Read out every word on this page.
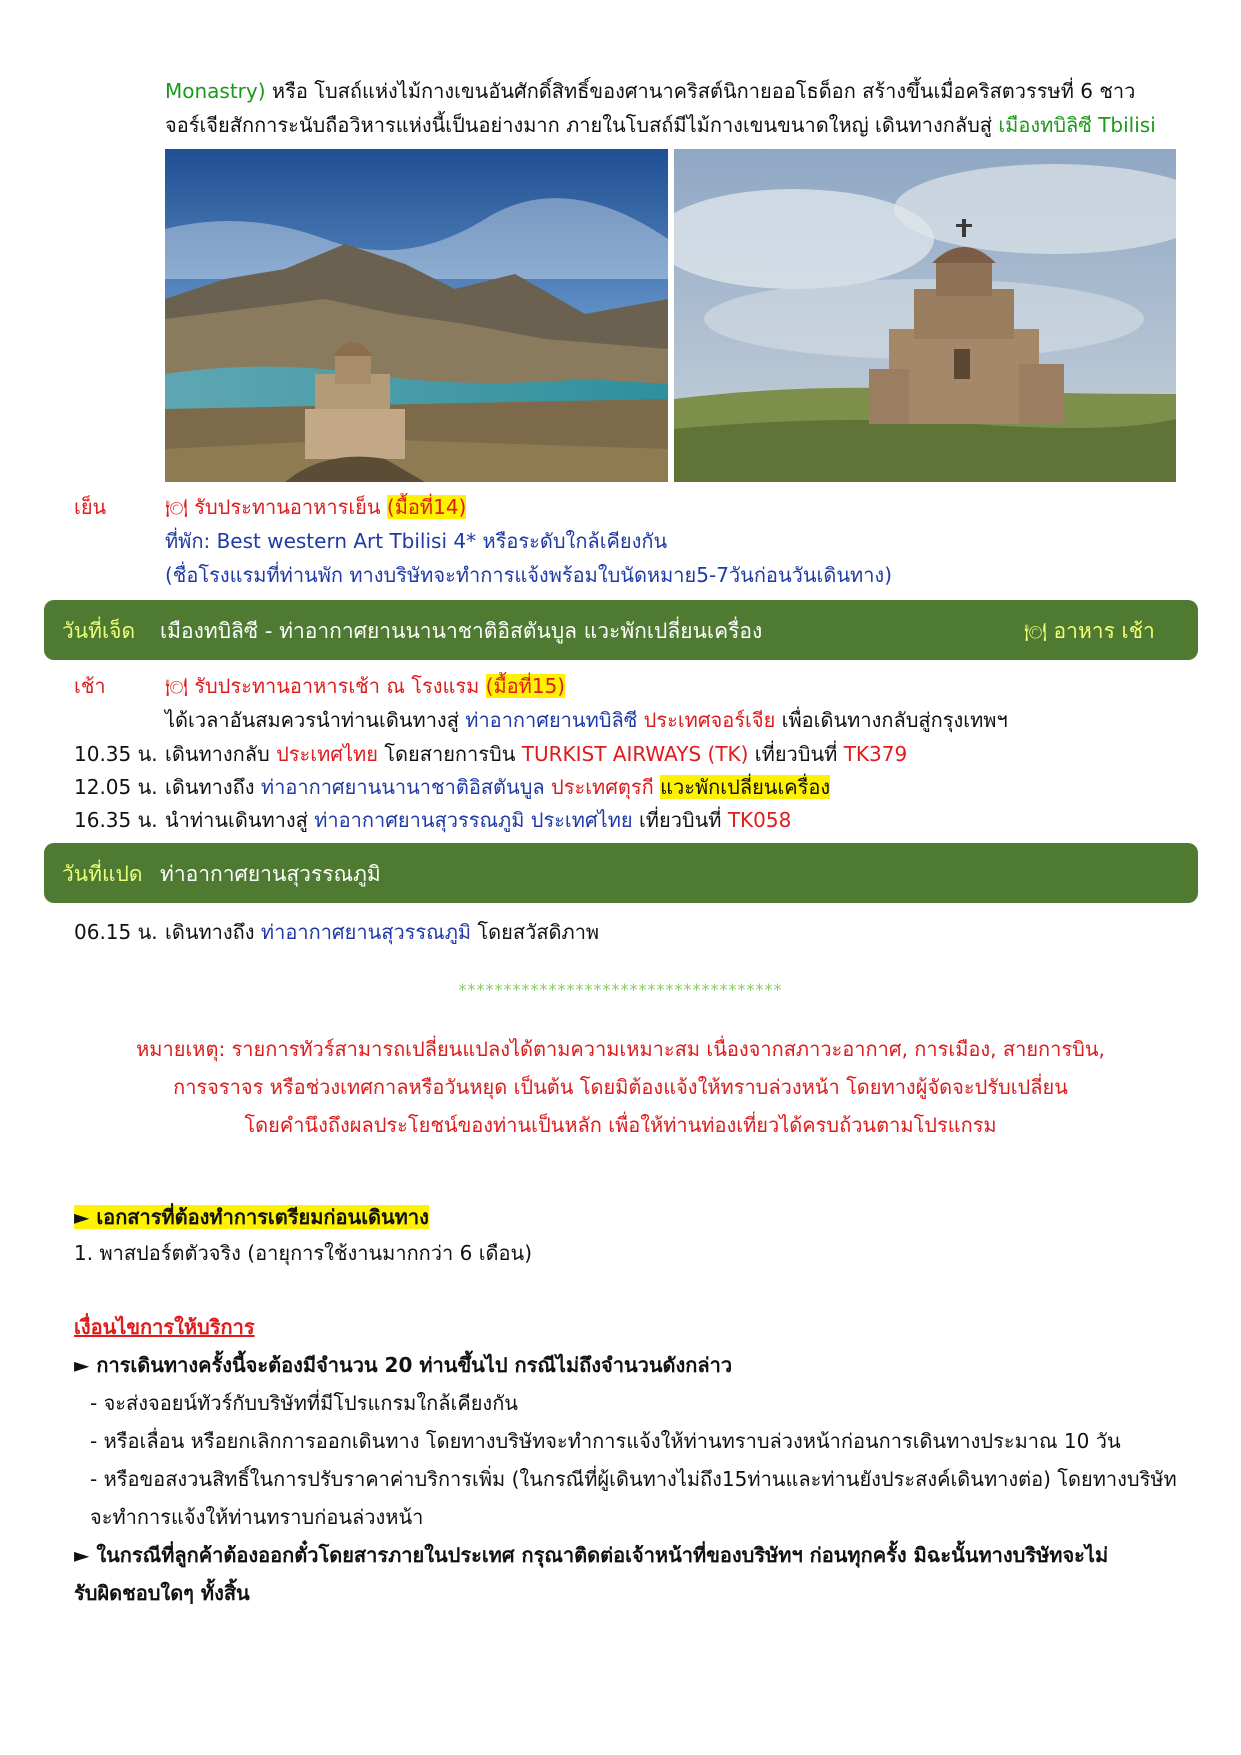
Monastry) หรือ โบสถ์แห่งไม้กางเขนอันศักดิ์สิทธิ์ของศานาคริสต์นิกายออโธด็อก สร้างขึ้นเมื่อคริสตวรรษที่ 6 ชาว
จอร์เจียสักการะนับถือวิหารแห่งนี้เป็นอย่างมาก ภายในโบสถ์มีไม้กางเขนขนาดใหญ่ เดินทางกลับสู่ เมืองทบิลิซี Tbilisi
เย็น	🍽 รับประทานอาหารเย็น (มื้อที่14)
ที่พัก: Best western Art Tbilisi 4* หรือระดับใกล้เคียงกัน
(ชื่อโรงแรมที่ท่านพัก ทางบริษัทจะทำการแจ้งพร้อมใบนัดหมาย5-7วันก่อนวันเดินทาง)
วันที่เจ็ด เมืองทบิลิซี - ท่าอากาศยานนานาชาติอิสตันบูล แวะพักเปลี่ยนเครื่อง	🍽 อาหาร เช้า
เช้า	🍽 รับประทานอาหารเช้า ณ โรงแรม (มื้อที่15)
ได้เวลาอันสมควรนำท่านเดินทางสู่ ท่าอากาศยานทบิลิซี ประเทศจอร์เจีย เพื่อเดินทางกลับสู่กรุงเทพฯ
10.35 น. เดินทางกลับ ประเทศไทย โดยสายการบิน TURKIST AIRWAYS (TK) เที่ยวบินที่ TK379
12.05 น. เดินทางถึง ท่าอากาศยานนานาชาติอิสตันบูล ประเทศตุรกี แวะพักเปลี่ยนเครื่อง
16.35 น. นำท่านเดินทางสู่ ท่าอากาศยานสุวรรณภูมิ ประเทศไทย เที่ยวบินที่ TK058
วันที่แปด ท่าอากาศยานสุวรรณภูมิ
06.15 น. เดินทางถึง ท่าอากาศยานสุวรรณภูมิ โดยสวัสดิภาพ
************************************
หมายเหตุ: รายการทัวร์สามารถเปลี่ยนแปลงได้ตามความเหมาะสม เนื่องจากสภาวะอากาศ, การเมือง, สายการบิน,
การจราจร หรือช่วงเทศกาลหรือวันหยุด เป็นต้น โดยมิต้องแจ้งให้ทราบล่วงหน้า โดยทางผู้จัดจะปรับเปลี่ยน
โดยคำนึงถึงผลประโยชน์ของท่านเป็นหลัก เพื่อให้ท่านท่องเที่ยวได้ครบถ้วนตามโปรแกรม
► เอกสารที่ต้องทำการเตรียมก่อนเดินทาง
1. พาสปอร์ตตัวจริง (อายุการใช้งานมากกว่า 6 เดือน)
เงื่อนไขการให้บริการ
► การเดินทางครั้งนี้จะต้องมีจำนวน 20 ท่านขึ้นไป กรณีไม่ถึงจำนวนดังกล่าว
- จะส่งจอยน์ทัวร์กับบริษัทที่มีโปรแกรมใกล้เคียงกัน
- หรือเลื่อน หรือยกเลิกการออกเดินทาง โดยทางบริษัทจะทำการแจ้งให้ท่านทราบล่วงหน้าก่อนการเดินทางประมาณ 10 วัน
- หรือขอสงวนสิทธิ์ในการปรับราคาค่าบริการเพิ่ม (ในกรณีที่ผู้เดินทางไม่ถึง15ท่านและท่านยังประสงค์เดินทางต่อ) โดยทางบริษัท
จะทำการแจ้งให้ท่านทราบก่อนล่วงหน้า
► ในกรณีที่ลูกค้าต้องออกตั๋วโดยสารภายในประเทศ กรุณาติดต่อเจ้าหน้าที่ของบริษัทฯ ก่อนทุกครั้ง มิฉะนั้นทางบริษัทจะไม่
รับผิดชอบใดๆ ทั้งสิ้น
